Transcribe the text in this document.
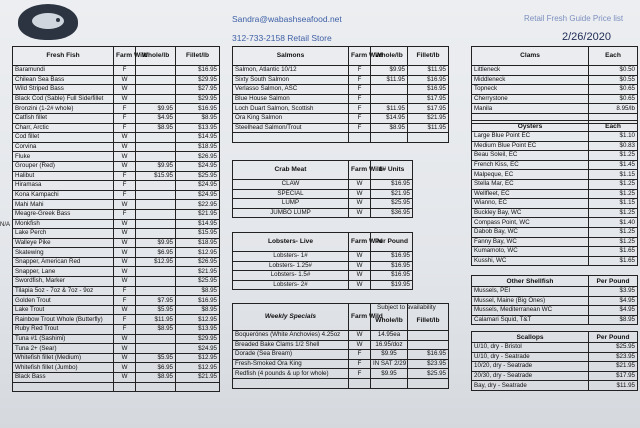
Sandra@wabashseafood.net
312-733-2158 Retail Store
Retail Fresh Guide Price list
2/26/2020
N/A
Fresh Fish	Farm Wild	Whole/lb	Fillet/lb
Baramundi	F		$16.95
Chilean Sea Bass	W		$29.95
Wild Striped Bass	W		$27.95
Black Cod (Sable) Full Side/fillet	W		$29.95
Bronzini (1-2# whole)	F	$9.95	$16.95
Catfish fillet	F	$4.95	$8.95
Charr, Arctic	F	$8.95	$13.95
Cod fillet	W		$14.95
Corvina	W		$18.95
Fluke	W		$26.95
Grouper (Red)	W	$9.95	$24.95
Halibut	F	$15.95	$25.95
Hiramasa	F		$24.95
Kona Kampachi	F		$24.95
Mahi Mahi	W		$22.95
Meagre-Greek Bass	F		$21.95
Monkfish	W		$14.95
Lake Perch	W		$15.95
Walleye Pike	W	$9.95	$18.95
Skatewing	W	$6.95	$12.95
Snapper, American Red	W	$12.95	$26.95
Snapper, Lane	W		$21.95
Swordfish, Marker	W		$25.95
Tilapia 5oz - 7oz & 7oz - 9oz	F		$8.95
Golden Trout	F	$7.95	$16.95
Lake Trout	W	$5.95	$8.95
Rainbow Trout Whole (Butterfly)	F	$11.95	$12.95
Ruby Red Trout	F	$8.95	$13.95
Tuna #1 (Sashimi)	W		$29.95
Tuna 2+ (Sear)	W		$24.95
Whitefish fillet (Medium)	W	$5.95	$12.95
Whitefish fillet (Jumbo)	W	$6.95	$12.95
Black Bass	W	$8.95	$21.95

Salmons	Farm Wild	Whole/lb	Fillet/lb
Salmon, Atlantic 10/12	F	$9.95	$11.95
Sixty South Salmon	F	$11.95	$16.95
Verlasso Salmon, ASC	F		$16.95
Blue House Salmon	F		$17.95
Loch Duart Salmon, Scottish	F	$11.95	$17.95
Ora King Salmon	F	$14.95	$21.95
Steelhead Salmon/Trout	F	$8.95	$11.95

Crab Meat	Farm Wild	1# Units
CLAW	W	$16.95
SPECIAL	W	$21.95
LUMP	W	$25.95
JUMBO LUMP	W	$36.95
Lobsters- Live	Farm Wild	Per Pound
Lobsters- 1#	W	$16.95
Lobsters- 1.25#	W	$16.95
Lobsters- 1.5#	W	$16.95
Lobsters- 2#	W	$19.95
Weekly Specials	Farm Wild	Whole/lb	Fillet/lb
Boquerónes (White Anchovies) 4.25oz	W	14.95ea	
Breaded Bake Clams 1/2 Shell	W	16.95/doz	
Dorade (Sea Bream)	F	$9.95	$16.95
Fresh-Smoked Ora King	F	IN SAT 2/29	$23.95
Redfish (4 pounds & up for whole)	F	$9.95	$25.95

Subject to availability
Clams	Each
Littleneck	$0.50
Middleneck	$0.55
Topneck	$0.65
Cherrystone	$0.65
Manila	8.95/lb

Oysters	Each
Large Blue Point EC	$1.10
Medium Blue Point EC	$0.83
Beau Soleil, EC	$1.25
French Kiss, EC	$1.45
Malpeque, EC	$1.15
Stella Mar, EC	$1.25
Wellfleet, EC	$1.25
Wianno, EC	$1.15
Buckley Bay, WC	$1.25
Compass Point, WC	$1.40
Dabob Bay, WC	$1.25
Fanny Bay, WC	$1.25
Kumamoto, WC	$1.65
Kusshi, WC	$1.65
Other Shellfish	Per Pound
Mussels, PEI	$3.95
Mussel, Maine (Big Ones)	$4.95
Mussels, Mediterranean WC	$4.95
Calamari Squid, T&T	$8.95
Scallops	Per Pound
U/10, dry - Bristol	$25.95
U/10, dry - Seatrade	$23.95
10/20, dry - Seatrade	$21.95
20/30, dry - Seatrade	$17.95
Bay, dry - Seatrade	$11.95
